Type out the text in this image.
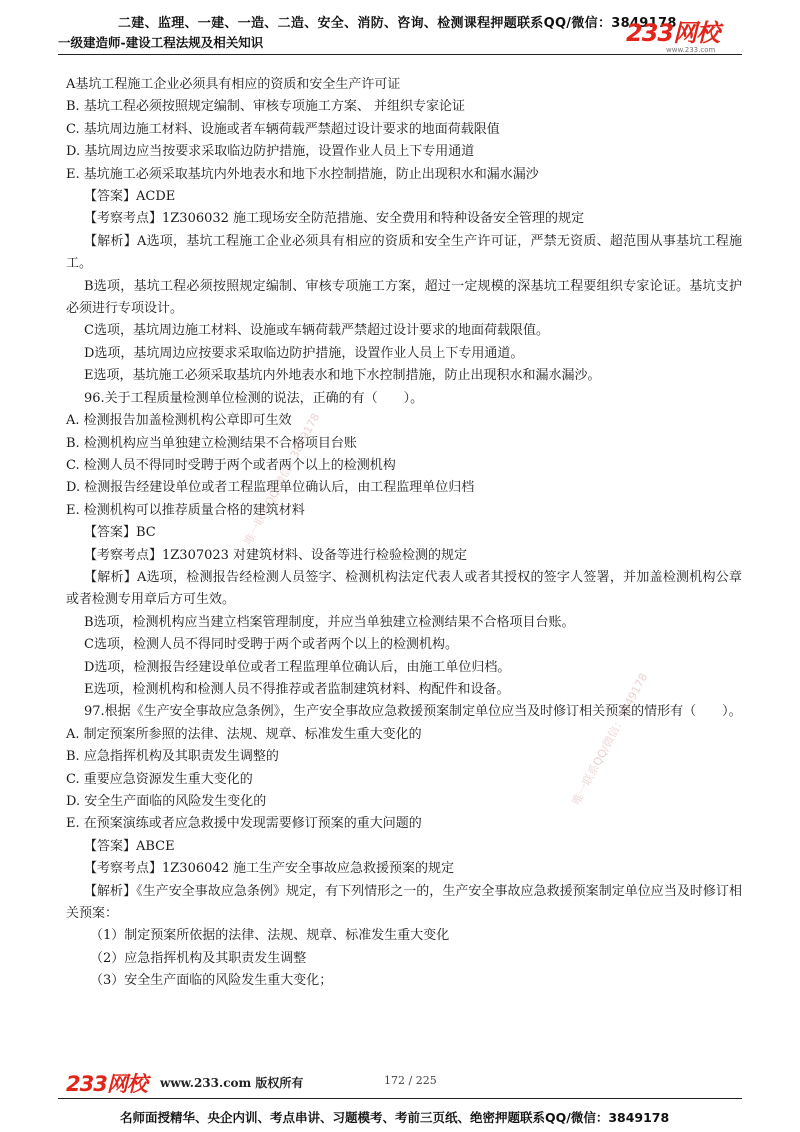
二建、监理、一建、一造、二造、安全、消防、咨询、检测课程押题联系QQ/微信：3849178
一级建造师-建设工程法规及相关知识	233网校
www.233.com

A基坑工程施工企业必须具有相应的资质和安全生产许可证

B. 基坑工程必须按照规定编制、审核专项施工方案、 并组织专家论证

C. 基坑周边施工材料、设施或者车辆荷载严禁超过设计要求的地面荷载限值

D. 基坑周边应当按要求采取临边防护措施，设置作业人员上下专用通道

E. 基坑施工必须采取基坑内外地表水和地下水控制措施，防止出现积水和漏水漏沙

【答案】ACDE

【考察考点】1Z306032 施工现场安全防范措施、安全费用和特种设备安全管理的规定

【解析】A选项，基坑工程施工企业必须具有相应的资质和安全生产许可证，严禁无资质、超范围从事基坑工程施工。

B选项，基坑工程必须按照规定编制、审核专项施工方案，超过一定规模的深基坑工程要组织专家论证。基坑支护必须进行专项设计。

C选项，基坑周边施工材料、设施或车辆荷载严禁超过设计要求的地面荷载限值。

D选项，基坑周边应按要求采取临边防护措施，设置作业人员上下专用通道。

E选项，基坑施工必须采取基坑内外地表水和地下水控制措施，防止出现积水和漏水漏沙。

96.关于工程质量检测单位检测的说法，正确的有（　　）。

A. 检测报告加盖检测机构公章即可生效

B. 检测机构应当单独建立检测结果不合格项目台账

C. 检测人员不得同时受聘于两个或者两个以上的检测机构

D. 检测报告经建设单位或者工程监理单位确认后，由工程监理单位归档

E. 检测机构可以推荐质量合格的建筑材料

【答案】BC

【考察考点】1Z307023 对建筑材料、设备等进行检验检测的规定

【解析】A选项，检测报告经检测人员签字、检测机构法定代表人或者其授权的签字人签署，并加盖检测机构公章或者检测专用章后方可生效。

B选项，检测机构应当建立档案管理制度，并应当单独建立检测结果不合格项目台账。

C选项，检测人员不得同时受聘于两个或者两个以上的检测机构。

D选项，检测报告经建设单位或者工程监理单位确认后，由施工单位归档。

E选项，检测机构和检测人员不得推荐或者监制建筑材料、构配件和设备。

97.根据《生产安全事故应急条例》，生产安全事故应急救援预案制定单位应当及时修订相关预案的情形有（　　）。

A. 制定预案所参照的法律、法规、规章、标准发生重大变化的

B. 应急指挥机构及其职责发生调整的

C. 重要应急资源发生重大变化的

D. 安全生产面临的风险发生变化的

E. 在预案演练或者应急救援中发现需要修订预案的重大问题的

【答案】ABCE

【考察考点】1Z306042 施工生产安全事故应急救援预案的规定

【解析】《生产安全事故应急条例》规定，有下列情形之一的，生产安全事故应急救援预案制定单位应当及时修订相关预案：

（1）制定预案所依据的法律、法规、规章、标准发生重大变化

（2）应急指挥机构及其职责发生调整

（3）安全生产面临的风险发生重大变化；

唯一联系QQ/微信：3849178
唯一联系QQ/微信：3849178
233网校 www.233.com 版权所有	172 / 225
名师面授精华、央企内训、考点串讲、习题模考、考前三页纸、绝密押题联系QQ/微信：3849178
